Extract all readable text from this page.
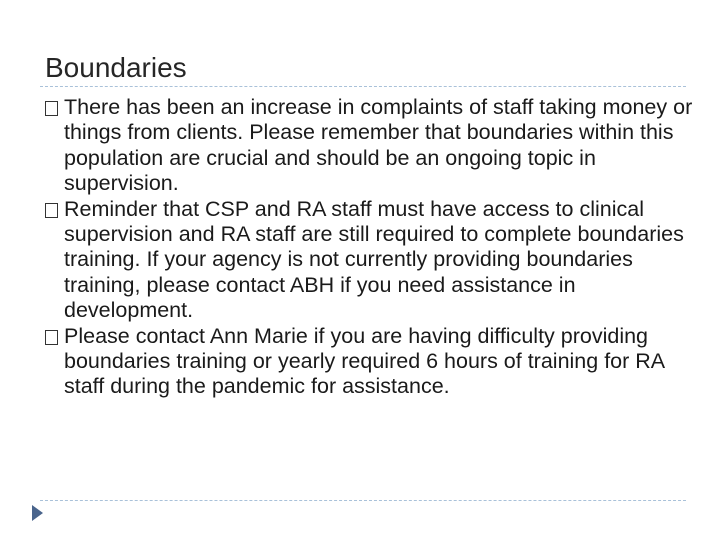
Boundaries
There has been an increase in complaints of staff taking money or things from clients. Please remember that boundaries within this population are crucial and should be an ongoing topic in supervision.
Reminder that CSP and RA staff must have access to clinical supervision and RA staff are still required to complete boundaries training. If your agency is not currently providing boundaries training, please contact ABH if you need assistance in development.
Please contact Ann Marie if you are having difficulty providing boundaries training or yearly required 6 hours of training for RA staff during the pandemic for assistance.
